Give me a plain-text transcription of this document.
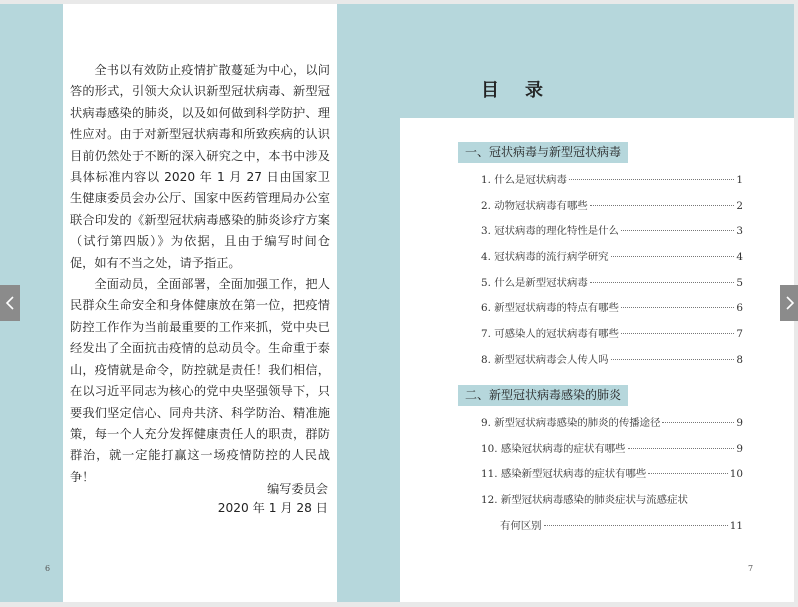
全书以有效防止疫情扩散蔓延为中心，以问答的形式，引领大众认识新型冠状病毒、新型冠状病毒感染的肺炎，以及如何做到科学防护、理性应对。由于对新型冠状病毒和所致疾病的认识目前仍然处于不断的深入研究之中，本书中涉及具体标准内容以 2020 年 1 月 27 日由国家卫生健康委员会办公厅、国家中医药管理局办公室联合印发的《新型冠状病毒感染的肺炎诊疗方案（试行第四版）》为依据，且由于编写时间仓促，如有不当之处，请予指正。

全面动员，全面部署，全面加强工作，把人民群众生命安全和身体健康放在第一位，把疫情防控工作作为当前最重要的工作来抓，党中央已经发出了全面抗击疫情的总动员令。生命重于泰山，疫情就是命令，防控就是责任！我们相信，在以习近平同志为核心的党中央坚强领导下，只要我们坚定信心、同舟共济、科学防治、精准施策，每一个人充分发挥健康责任人的职责，群防群治，就一定能打赢这一场疫情防控的人民战争！

编写委员会
2020 年 1 月 28 日
6	7
目录
一、冠状病毒与新型冠状病毒
1. 什么是冠状病毒	1
2. 动物冠状病毒有哪些	2
3. 冠状病毒的理化特性是什么	3
4. 冠状病毒的流行病学研究	4
5. 什么是新型冠状病毒	5
6. 新型冠状病毒的特点有哪些	6
7. 可感染人的冠状病毒有哪些	7
8. 新型冠状病毒会人传人吗	8
二、新型冠状病毒感染的肺炎
9. 新型冠状病毒感染的肺炎的传播途径	9
10. 感染冠状病毒的症状有哪些	9
11. 感染新型冠状病毒的症状有哪些	10
12. 新型冠状病毒感染的肺炎症状与流感症状
有何区别	11
